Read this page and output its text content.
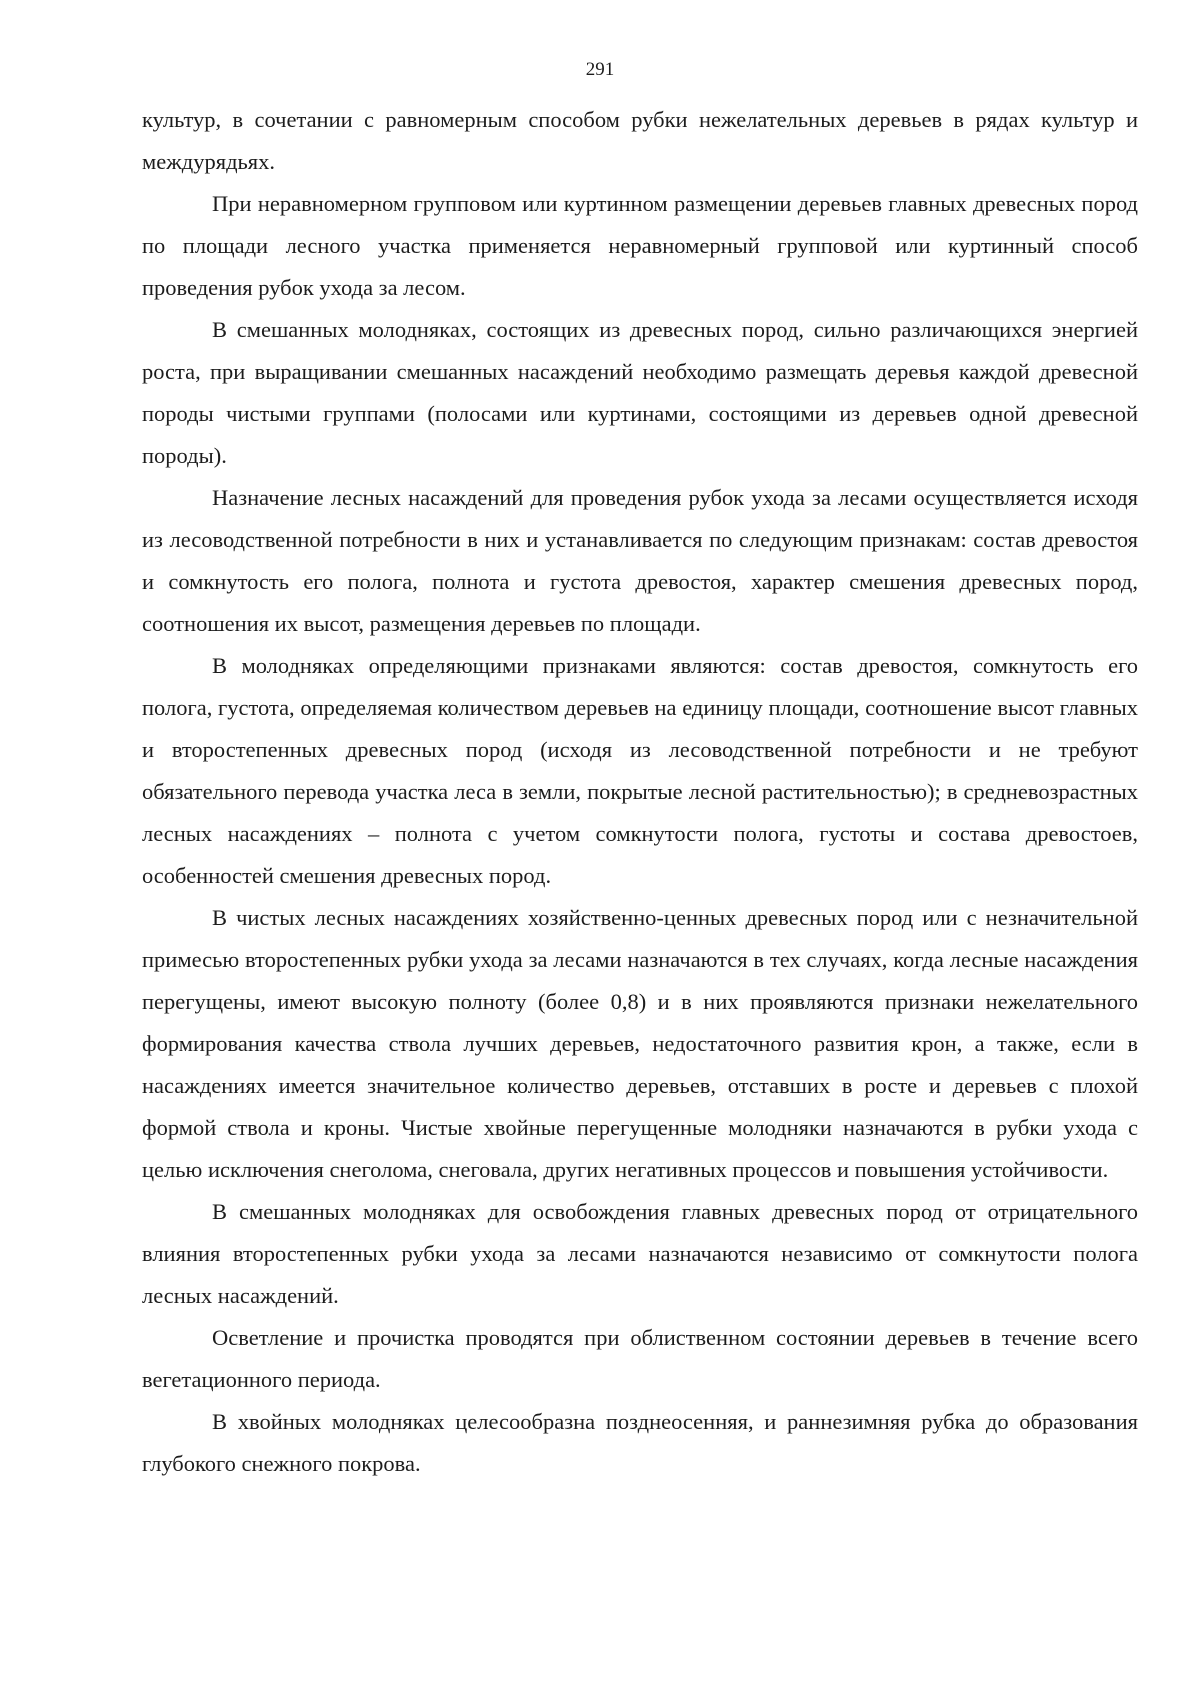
291

культур, в сочетании с равномерным способом рубки нежелательных деревьев в рядах культур и междурядьях.

При неравномерном групповом или куртинном размещении деревьев главных древесных пород по площади лесного участка применяется неравномерный групповой или куртинный способ проведения рубок ухода за лесом.

В смешанных молодняках, состоящих из древесных пород, сильно различающихся энергией роста, при выращивании смешанных насаждений необходимо размещать деревья каждой древесной породы чистыми группами (полосами или куртинами, состоящими из деревьев одной древесной породы).

Назначение лесных насаждений для проведения рубок ухода за лесами осуществляется исходя из лесоводственной потребности в них и устанавливается по следующим признакам: состав древостоя и сомкнутость его полога, полнота и густота древостоя, характер смешения древесных пород, соотношения их высот, размещения деревьев по площади.

В молодняках определяющими признаками являются: состав древостоя, сомкнутость его полога, густота, определяемая количеством деревьев на единицу площади, соотношение высот главных и второстепенных древесных пород (исходя из лесоводственной потребности и не требуют обязательного перевода участка леса в земли, покрытые лесной растительностью); в средневозрастных лесных насаждениях – полнота с учетом сомкнутости полога, густоты и состава древостоев, особенностей смешения древесных пород.

В чистых лесных насаждениях хозяйственно-ценных древесных пород или с незначительной примесью второстепенных рубки ухода за лесами назначаются в тех случаях, когда лесные насаждения перегущены, имеют высокую полноту (более 0,8) и в них проявляются признаки нежелательного формирования качества ствола лучших деревьев, недостаточного развития крон, а также, если в насаждениях имеется значительное количество деревьев, отставших в росте и деревьев с плохой формой ствола и кроны. Чистые хвойные перегущенные молодняки назначаются в рубки ухода с целью исключения снеголома, снеговала, других негативных процессов и повышения устойчивости.

В смешанных молодняках для освобождения главных древесных пород от отрицательного влияния второстепенных рубки ухода за лесами назначаются независимо от сомкнутости полога лесных насаждений.

Осветление и прочистка проводятся при облиственном состоянии деревьев в течение всего вегетационного периода.

В хвойных молодняках целесообразна позднеосенняя, и раннезимняя рубка до образования глубокого снежного покрова.
